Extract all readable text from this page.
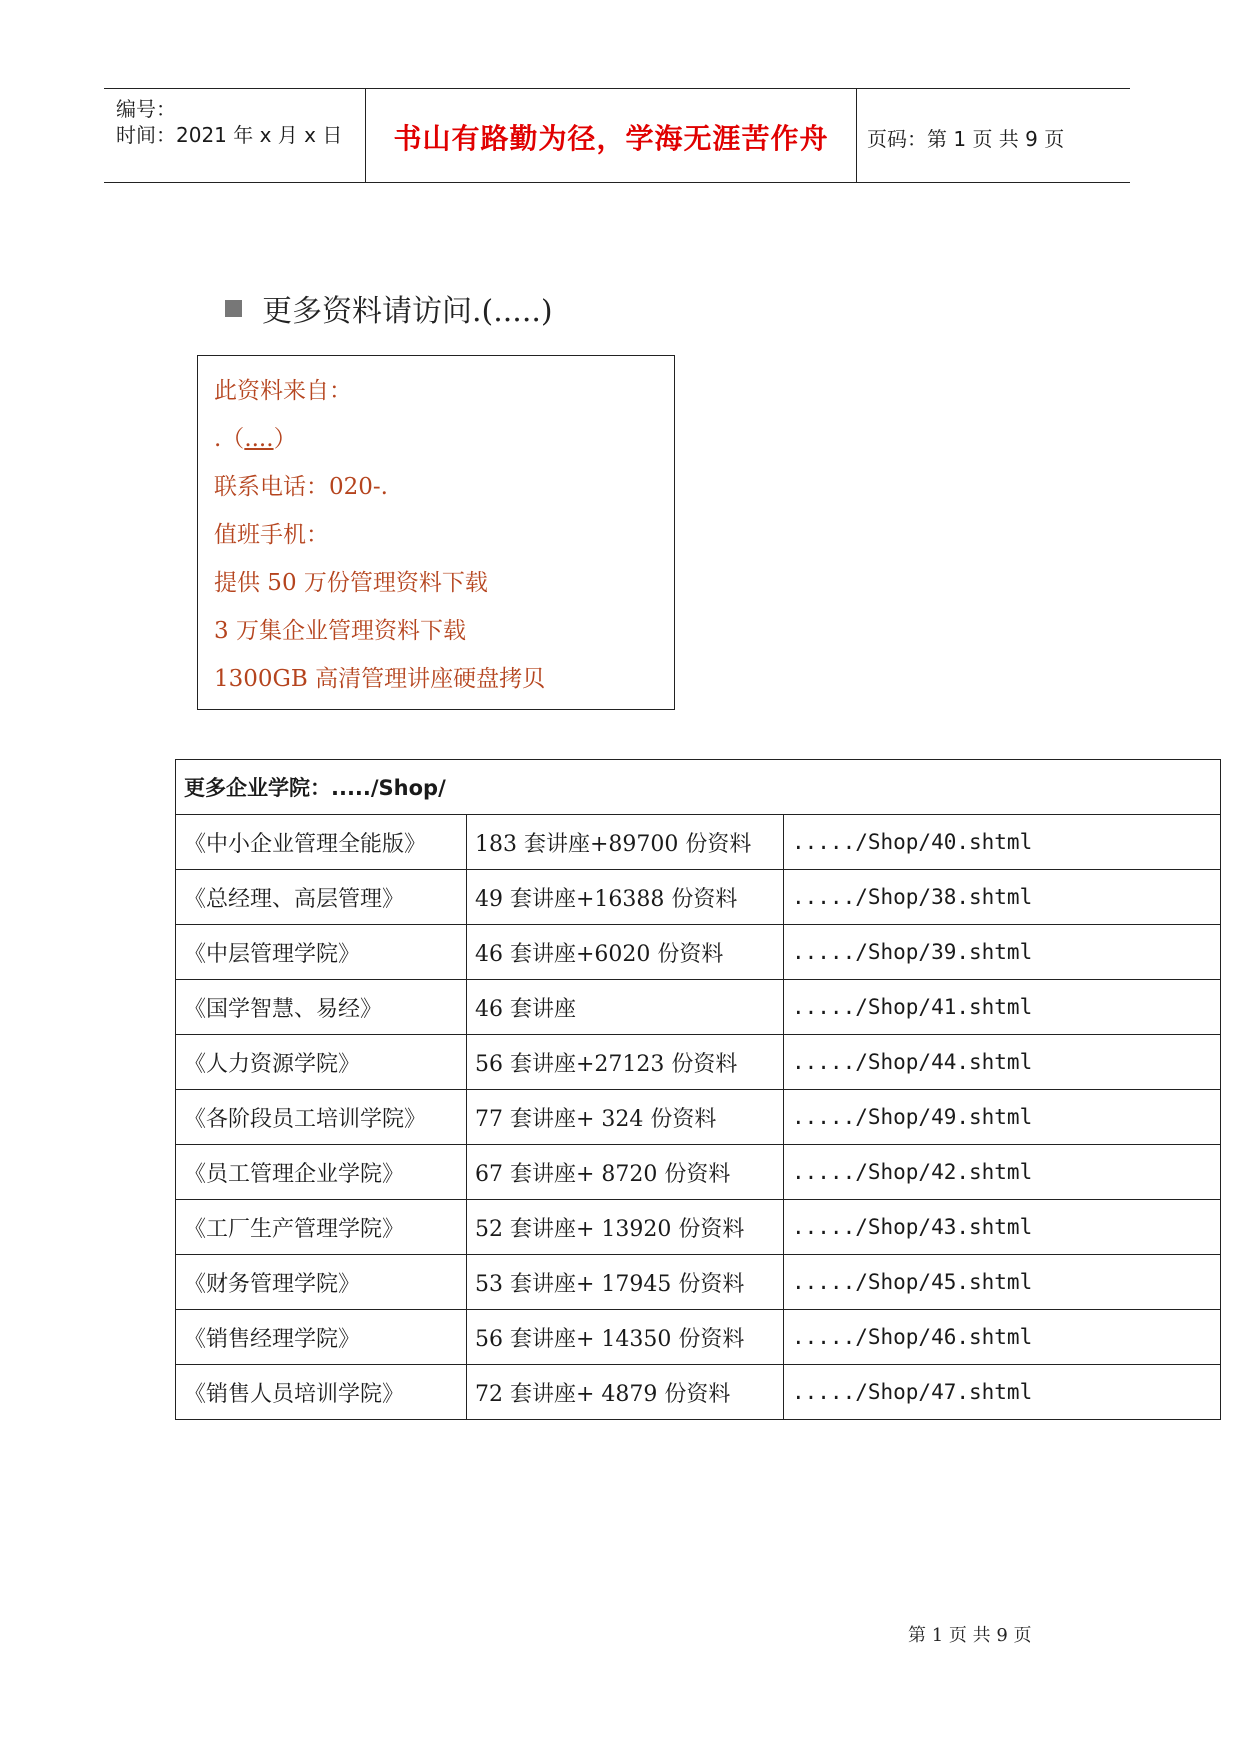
编号：
时间：2021 年 x 月 x 日	书山有路勤为径，学海无涯苦作舟	页码：第 1 页 共 9 页
更多资料请访问.(.....)
此资料来自：
.（....）
联系电话：020-.
值班手机：
提供 50 万份管理资料下载
3 万集企业管理资料下载
1300GB 高清管理讲座硬盘拷贝
更多企业学院：...../Shop/		
《中小企业管理全能版》	183 套讲座+89700 份资料	...../Shop/40.shtml
《总经理、高层管理》	49 套讲座+16388 份资料	...../Shop/38.shtml
《中层管理学院》	46 套讲座+6020 份资料	...../Shop/39.shtml
《国学智慧、易经》	46 套讲座	...../Shop/41.shtml
《人力资源学院》	56 套讲座+27123 份资料	...../Shop/44.shtml
《各阶段员工培训学院》	77 套讲座+ 324 份资料	...../Shop/49.shtml
《员工管理企业学院》	67 套讲座+ 8720 份资料	...../Shop/42.shtml
《工厂生产管理学院》	52 套讲座+ 13920 份资料	...../Shop/43.shtml
《财务管理学院》	53 套讲座+ 17945 份资料	...../Shop/45.shtml
《销售经理学院》	56 套讲座+ 14350 份资料	...../Shop/46.shtml
《销售人员培训学院》	72 套讲座+ 4879 份资料	...../Shop/47.shtml
第 1 页 共 9 页
